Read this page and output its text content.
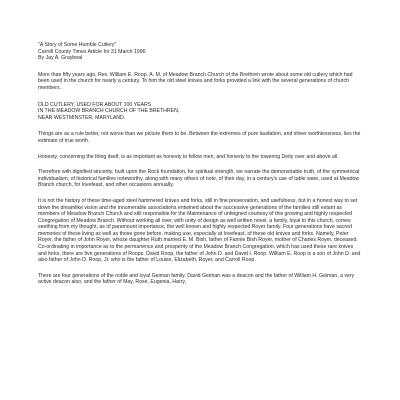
"A Story of Some Humble Cutlery"

Carroll County Times Article for 31 March 1996

By Jay A. Graybeal

More than fifty years ago, Rev. William E. Roop, A. M. of Meadow Branch Church of the Brethren wrote about some old cutlery which had been used in the church for nearly a century. To him the old steel knives and forks provided a link with the several generations of church members.

OLD CUTLERY, USED FOR ABOUT 100 YEARS

IN THE MEADOW BRANCH CHURCH OF THE BRETHREN,

NEAR WESTMINSTER, MARYLAND.

Things are as a rule better, not worse than we picture them to be. Between the extremes of pure laudation, and sheer worthlessness, lies the estimate of true worth.

Honesty, concerning the thing itself, is as important as honesty to fellow men, and honesty to the towering Deity over and above all.

Therefore with dignified sincerity, built upon the Rock foundation, for spiritual strength, we narrate the demonstrable truth, of the symmetrical individualism, of historical families noteworthy, along with many others of note, of their day, in a century's use of table ware, used at Meadow Branch church, for lovefeast, and other occasions annually.

It is not the history of these time-aged steel hammered knives and forks, still in fine preservation, and usefulness, but in a honest way to set down the dreamlike vision and the innumerable associations entwined about the successive generations of the families still extant as members of Meadow Branch Church and still responsible for the Maintenance of unfeigned courtesy of this growing and highly respected Congregation of Meadow Branch. Without working all over, with unity of design as well written novel, a family, loyal to this church, comes seething from my thought, as of paramount importance, the well known and highly respected Royer family. Four generations have sacred memories of these living as well as those gone before, making use, especially at lovefeast, of these old knives and forks. Namely, Peter Royer, the father of John Royer, whose daughter Ruth married E. M. Bish, father of Fannie Bish Royer, mother of Charles Royer, deceased. Co-ordinating in importance as to the permanence and prosperity of the Meadow Branch Congregation, which has used these rare knives and forks, there are five generations of Roops. David Roop, the father of John D. and David I. Roop. William E. Roop is a son of John D. and also father of John D. Roop, Jr. who is the father of Louise, Elizabeth, Royer, and Carroll Roop.

There are four generations of the noble and loyal Geiman family. David Geiman was a deacon and the father of William H. Geiman, a very active deacon also, and the father of May, Rose, Eugenia, Harry,
